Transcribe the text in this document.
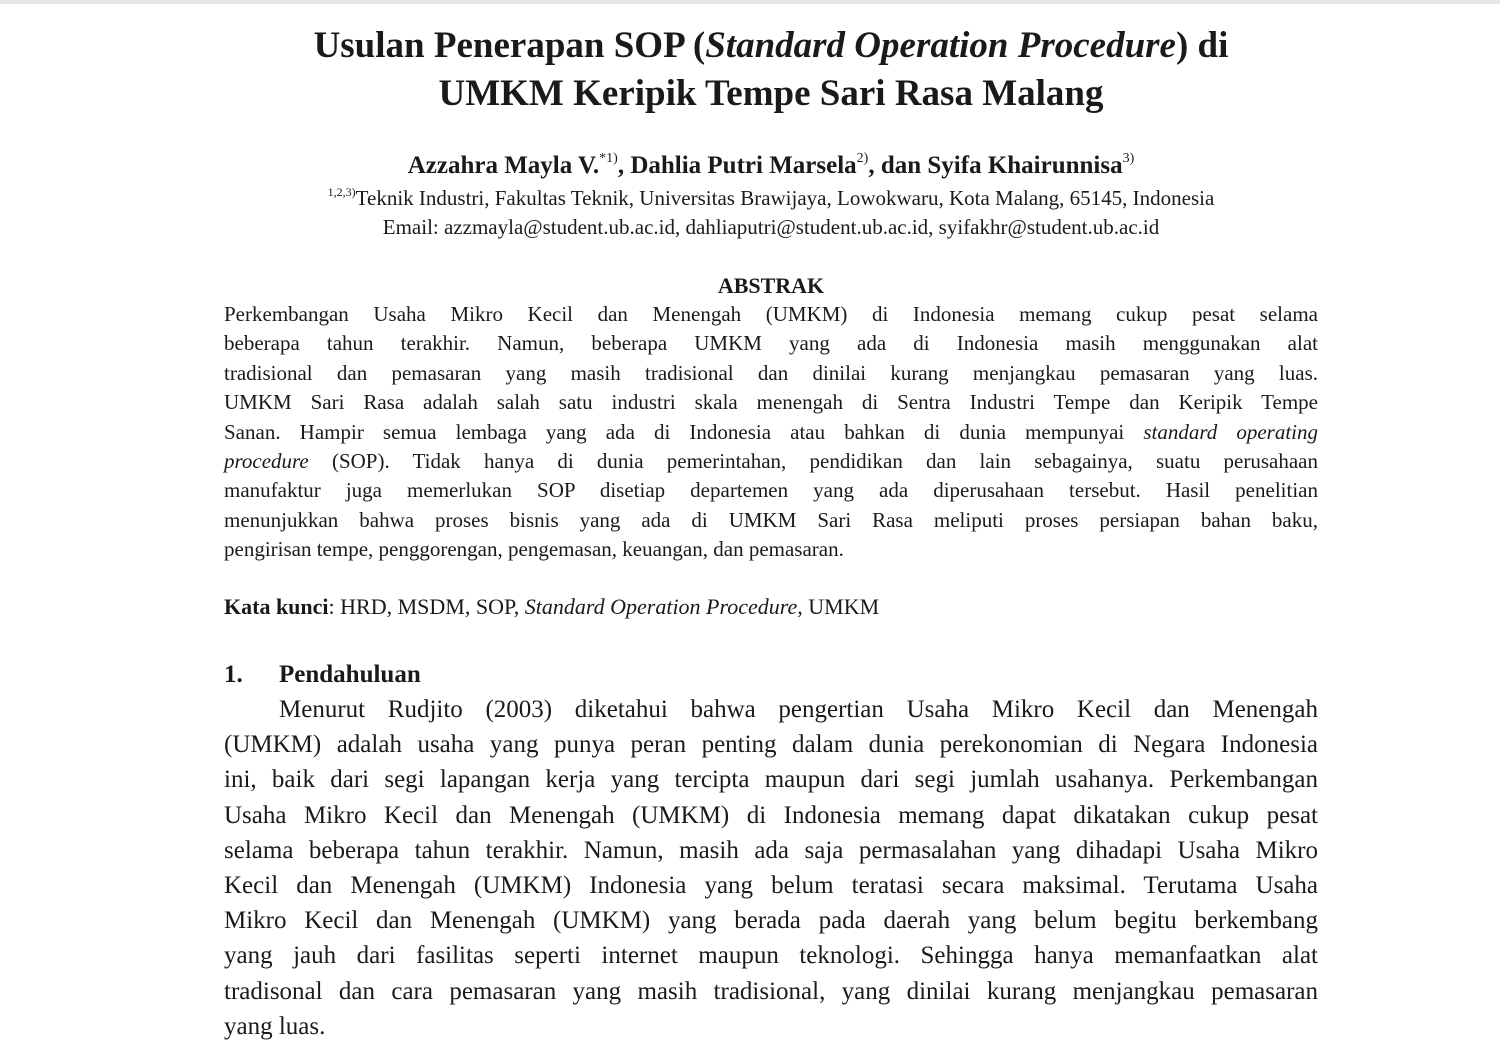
Usulan Penerapan SOP (Standard Operation Procedure) di
UMKM Keripik Tempe Sari Rasa Malang
Azzahra Mayla V.$^{*1)}$, Dahlia Putri Marsela$^{2)}$, dan Syifa Khairunnisa$^{3)}$
$^{1,2,3)}$Teknik Industri, Fakultas Teknik, Universitas Brawijaya, Lowokwaru, Kota Malang, 65145, Indonesia
Email: azzmayla@student.ub.ac.id, dahliaputri@student.ub.ac.id, syifakhr@student.ub.ac.id
ABSTRAK
Perkembangan Usaha Mikro Kecil dan Menengah (UMKM) di Indonesia memang cukup pesat selama
beberapa tahun terakhir. Namun, beberapa UMKM yang ada di Indonesia masih menggunakan alat
tradisional dan pemasaran yang masih tradisional dan dinilai kurang menjangkau pemasaran yang luas.
UMKM Sari Rasa adalah salah satu industri skala menengah di Sentra Industri Tempe dan Keripik Tempe
Sanan. Hampir semua lembaga yang ada di Indonesia atau bahkan di dunia mempunyai standard operating
procedure (SOP). Tidak hanya di dunia pemerintahan, pendidikan dan lain sebagainya, suatu perusahaan
manufaktur juga memerlukan SOP disetiap departemen yang ada diperusahaan tersebut. Hasil penelitian
menunjukkan bahwa proses bisnis yang ada di UMKM Sari Rasa meliputi proses persiapan bahan baku,
pengirisan tempe, penggorengan, pengemasan, keuangan, dan pemasaran.
Kata kunci: HRD, MSDM, SOP, Standard Operation Procedure, UMKM
1. Pendahuluan
Menurut Rudjito (2003) diketahui bahwa pengertian Usaha Mikro Kecil dan Menengah
(UMKM) adalah usaha yang punya peran penting dalam dunia perekonomian di Negara Indonesia
ini, baik dari segi lapangan kerja yang tercipta maupun dari segi jumlah usahanya. Perkembangan
Usaha Mikro Kecil dan Menengah (UMKM) di Indonesia memang dapat dikatakan cukup pesat
selama beberapa tahun terakhir. Namun, masih ada saja permasalahan yang dihadapi Usaha Mikro
Kecil dan Menengah (UMKM) Indonesia yang belum teratasi secara maksimal. Terutama Usaha
Mikro Kecil dan Menengah (UMKM) yang berada pada daerah yang belum begitu berkembang
yang jauh dari fasilitas seperti internet maupun teknologi. Sehingga hanya memanfaatkan alat
tradisonal dan cara pemasaran yang masih tradisional, yang dinilai kurang menjangkau pemasaran
yang luas.
